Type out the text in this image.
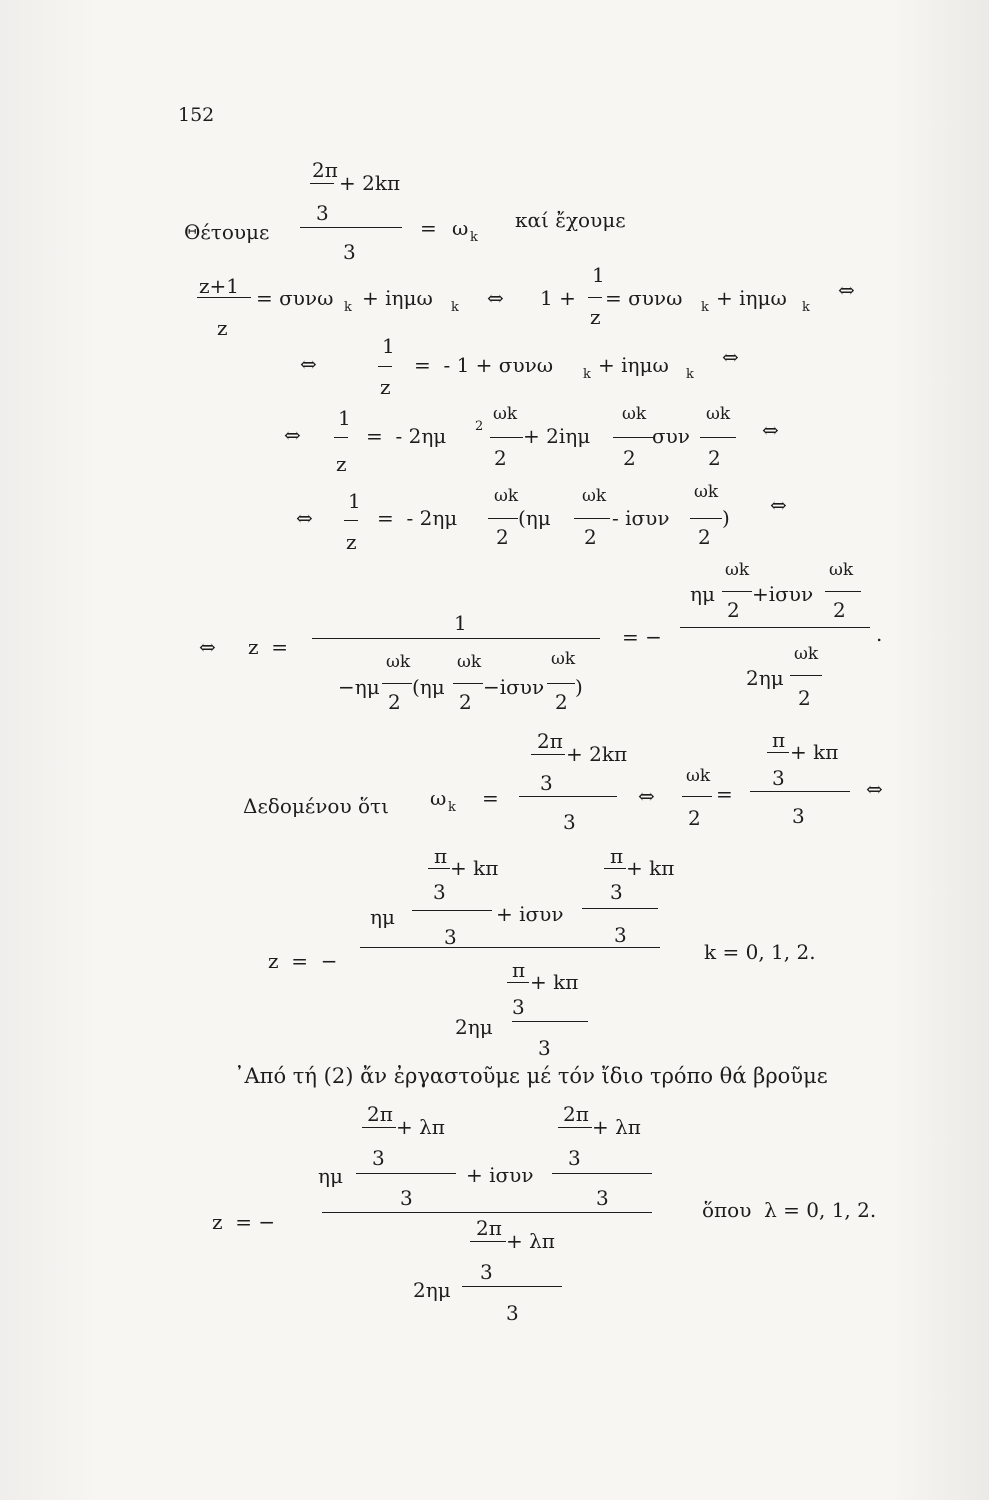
152
Θέτουμε
2π
+ 2kπ
3
3
= ω k
καί ἔχουμε
z+1
z
= συνω k + iημω k ⇔ 1 +
1
z
= συνω k + iημω k
⇔
⇔
1
z
=  - 1 + συνω k + iημω k
⇔
⇔
1
z
=  - 2ημ 2
ωk
2
+ 2iημ
ωk
2
συν
ωk
2
⇔
⇔
1
z
=  - 2ημ
ωk
2
(ημ
ωk
2
- iσυν
ωk
2
)
⇔
⇔ z  =
1
−ημ
ωk
2
(ημ
ωk
2
−iσυν
ωk
2
)
= −
ημ
ωk
2
+iσυν
ωk
2
.
2ημ
ωk
2
Δεδομένου ὅτι ω k =
2π
+ 2kπ
3
3
⇔
ωk
2
=
π + kπ
3
3
⇔
z  =  −
ημ
π + kπ
3
3
+ iσυν
π + kπ
3
3
π + kπ
3
2ημ
3
k = 0, 1, 2.
᾽Από τή (2) ἄν ἐργαστοῦμε μέ τόν ἴδιο τρόπο θά βροῦμε
z  = −
ημ
2π
+ λπ
3
3
+ iσυν
2π
+ λπ
3
3
2π
+ λπ
3
2ημ
3
ὅπου  λ = 0, 1, 2.
